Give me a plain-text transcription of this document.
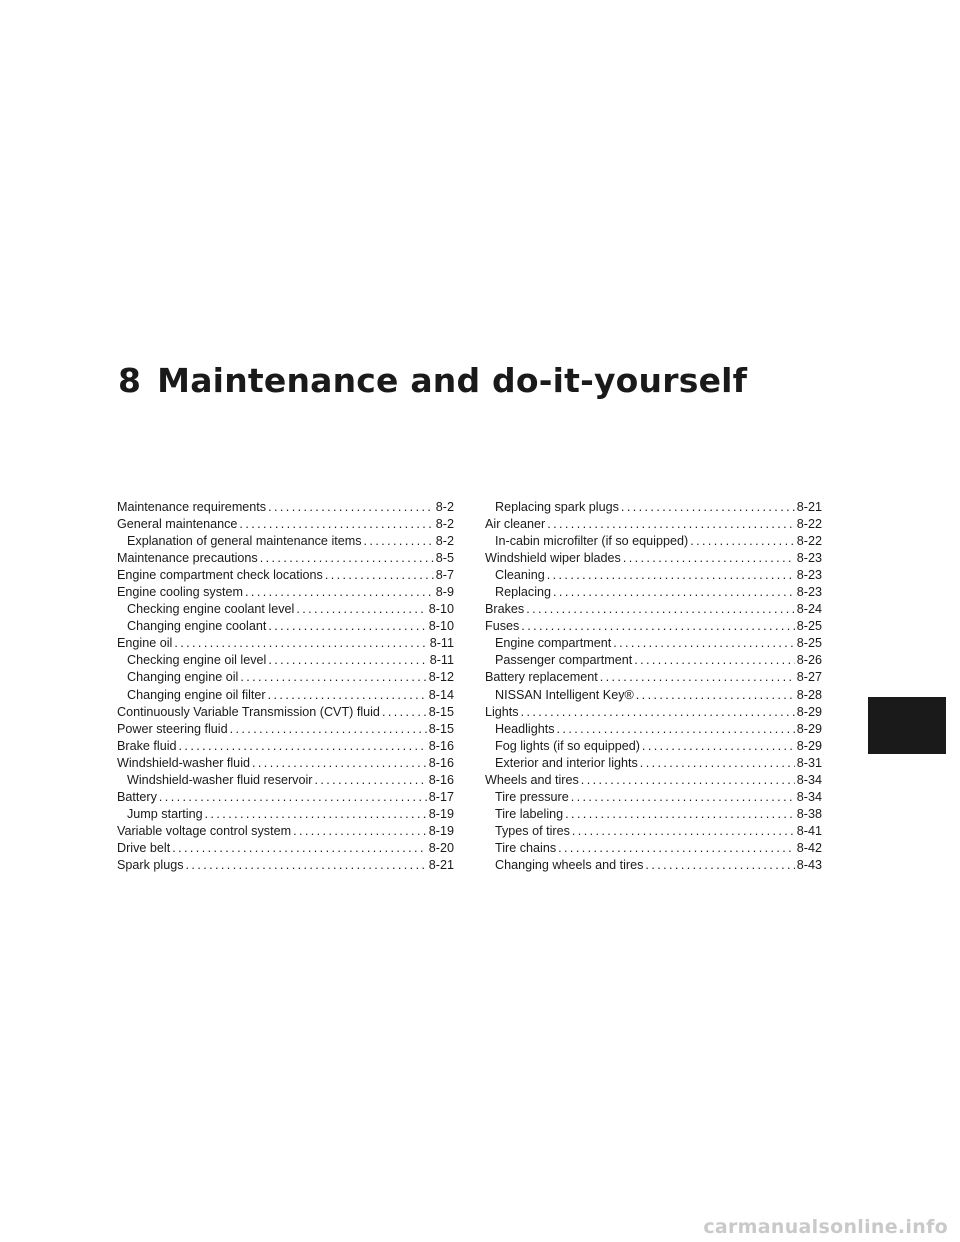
8 Maintenance and do-it-yourself
Maintenance requirements .....	8-2
General maintenance .....	8-2
Explanation of general maintenance items .....	8-2
Maintenance precautions .....	8-5
Engine compartment check locations .....	8-7
Engine cooling system .....	8-9
Checking engine coolant level .....	8-10
Changing engine coolant .....	8-10
Engine oil .....	8-11
Checking engine oil level .....	8-11
Changing engine oil .....	8-12
Changing engine oil filter .....	8-14
Continuously Variable Transmission (CVT) fluid .....	8-15
Power steering fluid .....	8-15
Brake fluid .....	8-16
Windshield-washer fluid .....	8-16
Windshield-washer fluid reservoir .....	8-16
Battery .....	8-17
Jump starting .....	8-19
Variable voltage control system .....	8-19
Drive belt .....	8-20
Spark plugs .....	8-21
Replacing spark plugs .....	8-21
Air cleaner .....	8-22
In-cabin microfilter (if so equipped) .....	8-22
Windshield wiper blades .....	8-23
Cleaning .....	8-23
Replacing .....	8-23
Brakes .....	8-24
Fuses .....	8-25
Engine compartment .....	8-25
Passenger compartment .....	8-26
Battery replacement .....	8-27
NISSAN Intelligent Key® .....	8-28
Lights .....	8-29
Headlights .....	8-29
Fog lights (if so equipped) .....	8-29
Exterior and interior lights .....	8-31
Wheels and tires .....	8-34
Tire pressure .....	8-34
Tire labeling .....	8-38
Types of tires .....	8-41
Tire chains .....	8-42
Changing wheels and tires .....	8-43
carmanualsonline.info
